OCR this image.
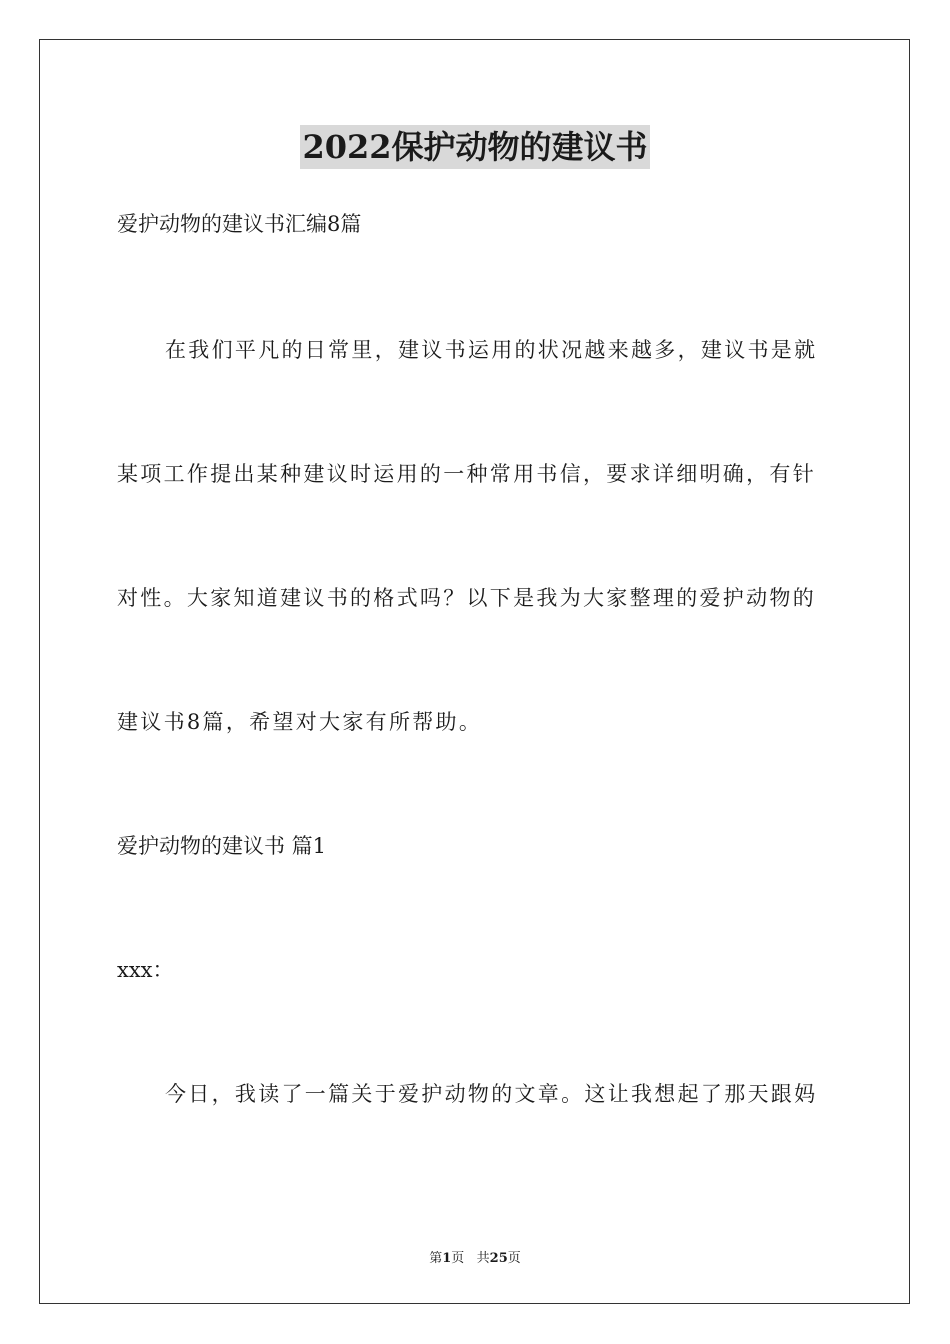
2022保护动物的建议书
爱护动物的建议书汇编8篇
在我们平凡的日常里，建议书运用的状况越来越多，建议书是就
某项工作提出某种建议时运用的一种常用书信，要求详细明确，有针
对性。大家知道建议书的格式吗？以下是我为大家整理的爱护动物的
建议书8篇，希望对大家有所帮助。
爱护动物的建议书 篇1
xxx：
今日，我读了一篇关于爱护动物的文章。这让我想起了那天跟妈
第1页   共25页
